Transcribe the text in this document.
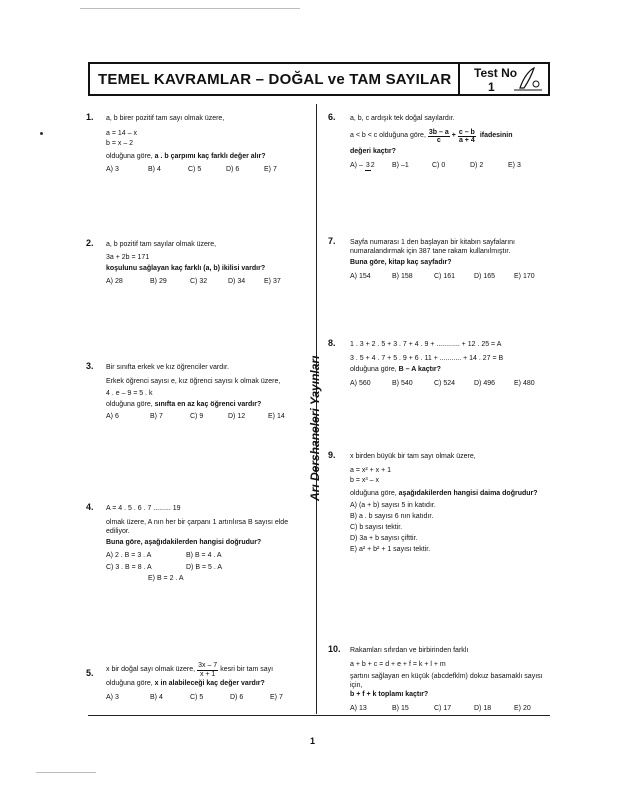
TEMEL KAVRAMLAR – DOĞAL ve TAM SAYILAR Test No
1
Arı Dershaneleri Yayınları
1. a, b birer pozitif tam sayı olmak üzere,
a = 14 – x
b = x – 2
olduğuna göre, a . b çarpımı kaç farklı değer alır?
A) 3	B) 4	C) 5	D) 6	E) 7
2. a, b pozitif tam sayılar olmak üzere,
3a + 2b = 171
koşulunu sağlayan kaç farklı (a, b) ikilisi vardır?
A) 28	B) 29	C) 32	D) 34	E) 37
3. Bir sınıfta erkek ve kız öğrenciler vardır.
Erkek öğrenci sayısı e, kız öğrenci sayısı k olmak üzere,
4 . e – 9 = 5 . k
olduğuna göre, sınıfta en az kaç öğrenci vardır?
A) 6	B) 7	C) 9	D) 12	E) 14
4. A = 4 . 5 . 6 . 7 ......... 19
olmak üzere, A nın her bir çarpanı 1 artırılırsa B sayısı elde ediliyor.
Buna göre, aşağıdakilerden hangisi doğrudur?
A) 2 . B = 3 . A	B) B = 4 . A
C) 3 . B = 8 . A	D) B = 5 . A
E) B = 2 . A
5. x bir doğal sayı olmak üzere, $\frac{3x - 7}{x + 1}$ kesri bir tam sayı
olduğuna göre, x in alabileceği kaç değer vardır?
A) 3	B) 4	C) 5	D) 6	E) 7
6. a, b, c ardışık tek doğal sayılardır.
a < b < c olduğuna göre, $\frac{3b - a}{c} + \frac{c - b}{a + 4}$ ifadesinin
değeri kaçtır?
A) – 32 B) –1	C) 0	D) 2	E) 3
7. Sayfa numarası 1 den başlayan bir kitabın sayfalarını numaralandırmak için 387 tane rakam kullanılmıştır.
Buna göre, kitap kaç sayfadır?
A) 154	B) 158	C) 161	D) 165	E) 170
8. 1 . 3 + 2 . 5 + 3 . 7 + 4 . 9 + ............ + 12 . 25 = A
3 . 5 + 4 . 7 + 5 . 9 + 6 . 11 + ........... + 14 . 27 = B
olduğuna göre, B – A kaçtır?
A) 560	B) 540	C) 524	D) 496	E) 480
9. x birden büyük bir tam sayı olmak üzere,
a = x² + x + 1
b = x³ – x
olduğuna göre, aşağıdakilerden hangisi daima doğrudur?
A) (a + b) sayısı 5 in katıdır.
B) a . b sayısı 6 nın katıdır.
C) b sayısı tektir.
D) 3a + b sayısı çifttir.
E) a² + b² + 1 sayısı tektir.
10. Rakamları sıfırdan ve birbirinden farklı
a + b + c = d + e + f = k + l + m
şartını sağlayan en küçük (abcdefklm) dokuz basamaklı sayısı için,
b + f + k toplamı kaçtır?
A) 13	B) 15	C) 17	D) 18	E) 20
1
